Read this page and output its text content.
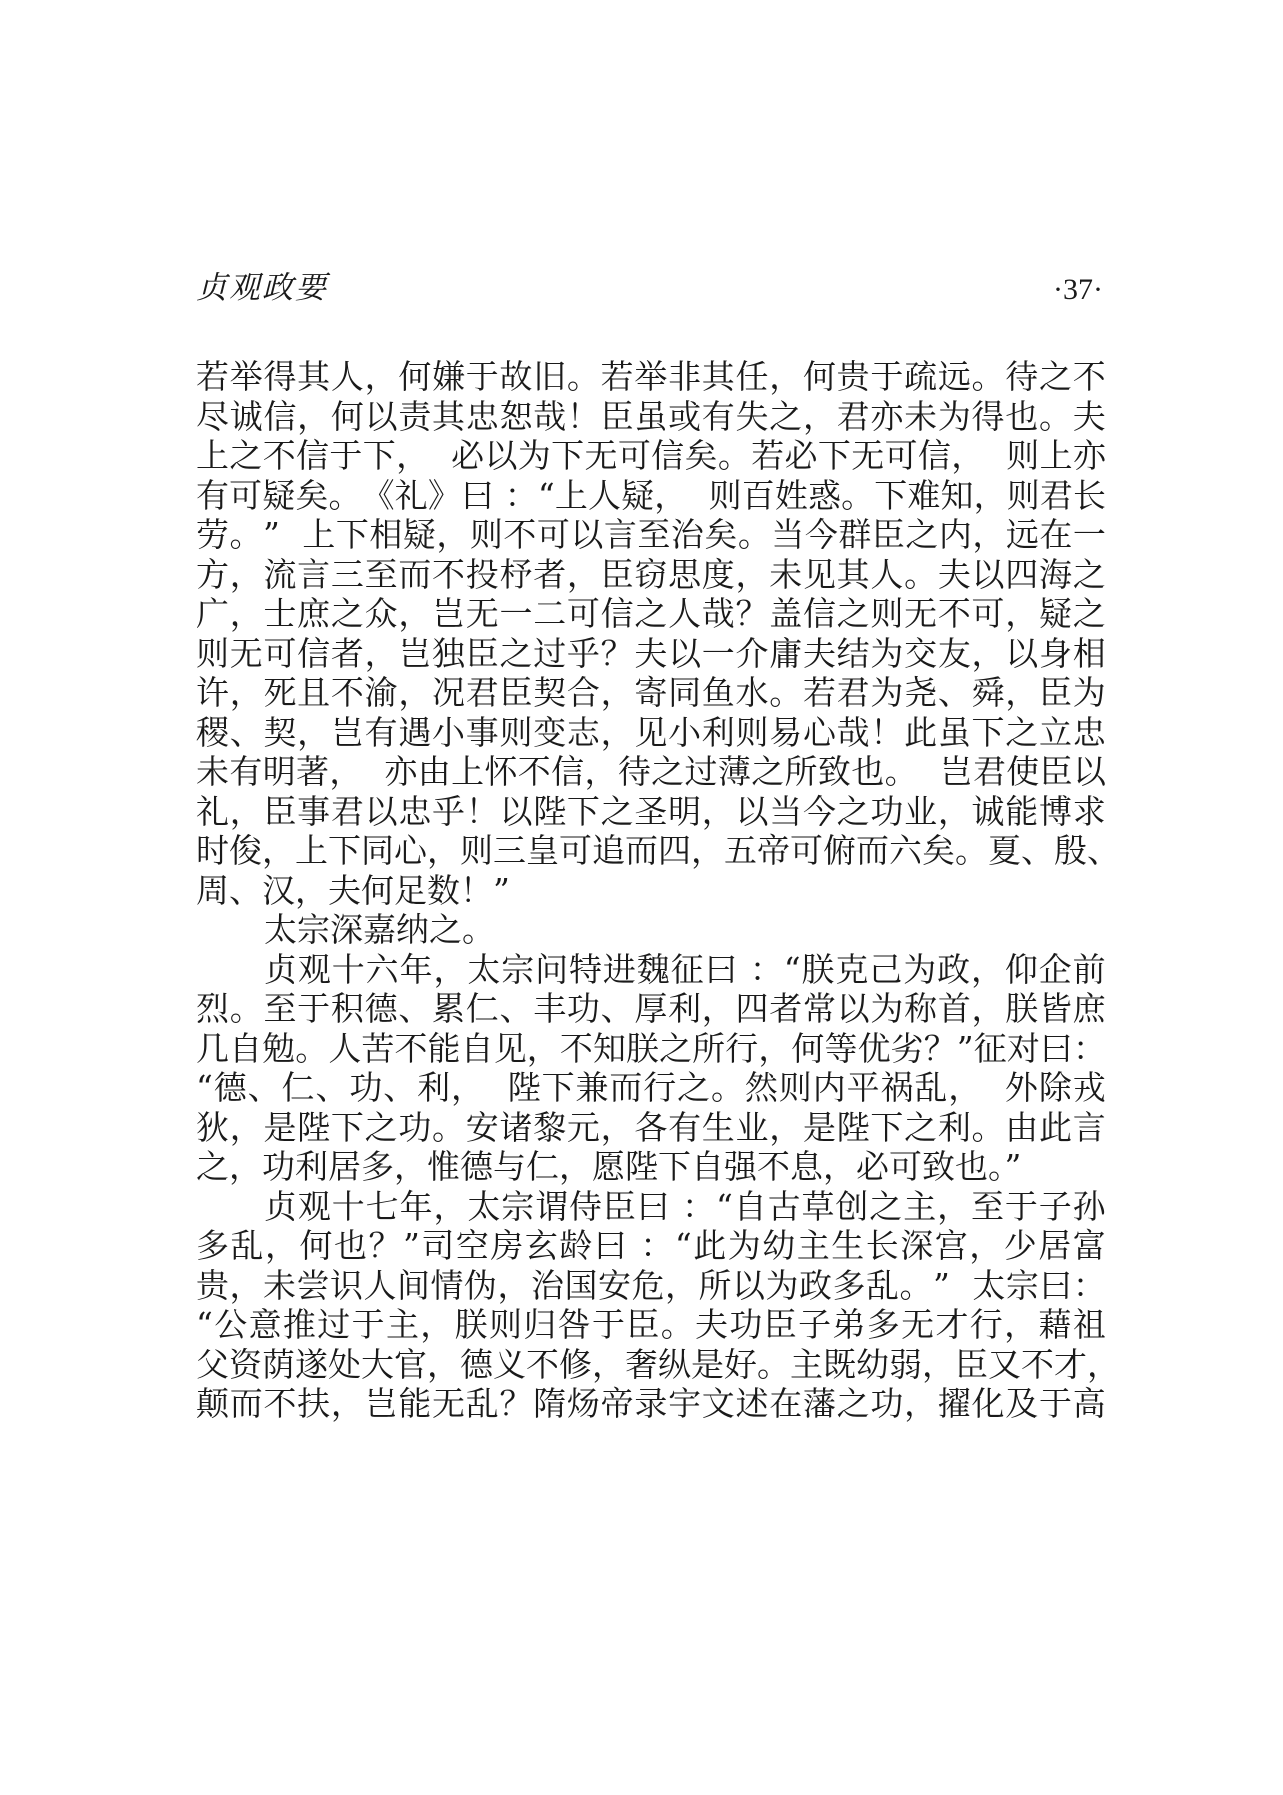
贞观政要	·37·
若 举 得 其 人 ， 何 嫌 于 故 旧 。 若 举 非 其 任 ， 何 贵 于 疏 远 。 待 之 不
尽 诚 信 ， 何 以 责 其 忠 恕 哉 ！ 臣 虽 或 有 失 之 ， 君 亦 未 为 得 也 。 夫
上 之 不 信 于 下 ，

必 以 为 下 无 可 信 矣 。 若 必 下 无 可 信 ，

则 上 亦
有 可 疑 矣 。 《 礼 》 曰
： “ 上 人 疑 ，

则 百 姓 惑 。 下 难 知 ， 则 君 长
劳 。 ”

上 下 相 疑 ， 则 不 可 以 言 至 治 矣 。 当 今 群 臣 之 内 ， 远 在 一
方 ， 流 言 三 至 而 不 投 杼 者 ， 臣 窃 思 度 ， 未 见 其 人 。 夫 以 四 海 之
广 ， 士 庶 之 众 ， 岂 无 一 二 可 信 之 人 哉 ？ 盖 信 之 则 无 不 可 ， 疑 之
则 无 可 信 者 ， 岂 独 臣 之 过 乎 ？ 夫 以 一 介 庸 夫 结 为 交 友 ， 以 身 相
许 ， 死 且 不 渝 ， 况 君 臣 契 合 ， 寄 同 鱼 水 。 若 君 为 尧 、 舜 ， 臣 为
稷 、 契 ， 岂 有 遇 小 事 则 变 志 ， 见 小 利 则 易 心 哉 ！ 此 虽 下 之 立 忠
未 有 明 著 ，

亦 由 上 怀 不 信 ， 待 之 过 薄 之 所 致 也 。

岂 君 使 臣 以
礼 ， 臣 事 君 以 忠 乎 ！ 以 陛 下 之 圣 明 ， 以 当 今 之 功 业 ， 诚 能 博 求
时 俊 ， 上 下 同 心 ， 则 三 皇 可 追 而 四 ， 五 帝 可 俯 而 六 矣 。 夏 、 殷 、
周、汉，夫何足数！”
太宗深嘉纳之。
贞 观 十 六 年 ， 太 宗 问 特 进 魏 征 曰
： “ 朕 克 己 为 政 ， 仰 企 前
烈 。 至 于 积 德 、 累 仁 、 丰 功 、 厚 利 ， 四 者 常 以 为 称 首 ， 朕 皆 庶
几 自 勉 。 人 苦 不 能 自 见 ， 不 知 朕 之 所 行 ， 何 等 优 劣 ？ ” 征 对 曰 ：
“ 德 、 仁 、 功 、 利 ，

陛 下 兼 而 行 之 。 然 则 内 平 祸 乱 ，

外 除 戎
狄 ， 是 陛 下 之 功 。 安 诸 黎 元 ， 各 有 生 业 ， 是 陛 下 之 利 。 由 此 言
之，功利居多，惟德与仁，愿陛下自强不息，必可致也。”
贞 观 十 七 年 ， 太 宗 谓 侍 臣 曰
： “ 自 古 草 创 之 主 ， 至 于 子 孙
多 乱 ， 何 也 ？ ” 司 空 房 玄 龄 曰
： “ 此 为 幼 主 生 长 深 宫 ， 少 居 富
贵 ， 未 尝 识 人 间 情 伪 ， 治 国 安 危 ， 所 以 为 政 多 乱 。 ”

太 宗 曰 ：
“ 公 意 推 过 于 主 ， 朕 则 归 咎 于 臣 。 夫 功 臣 子 弟 多 无 才 行 ， 藉 祖
父 资 荫 遂 处 大 官 ， 德 义 不 修 ， 奢 纵 是 好 。 主 既 幼 弱 ， 臣 又 不 才 ，
颠 而 不 扶 ， 岂 能 无 乱 ？ 隋 炀 帝 录 宇 文 述 在 藩 之 功 ， 擢 化 及 于 高
